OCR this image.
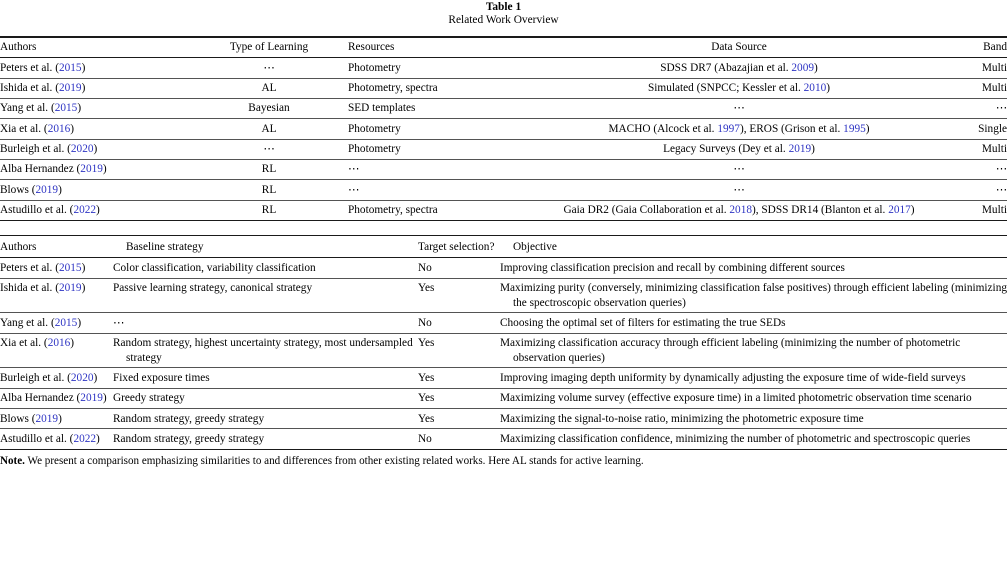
Table 1
Related Work Overview
Authors	Type of Learning	Resources	Data Source	Band
Peters et al. (2015)	⋯	Photometry	SDSS DR7 (Abazajian et al. 2009)	Multi
Ishida et al. (2019)	AL	Photometry, spectra	Simulated (SNPCC; Kessler et al. 2010)	Multi
Yang et al. (2015)	Bayesian	SED templates	⋯	⋯
Xia et al. (2016)	AL	Photometry	MACHO (Alcock et al. 1997), EROS (Grison et al. 1995)	Single
Burleigh et al. (2020)	⋯	Photometry	Legacy Surveys (Dey et al. 2019)	Multi
Alba Hernandez (2019)	RL	⋯	⋯	⋯
Blows (2019)	RL	⋯	⋯	⋯
Astudillo et al. (2022)	RL	Photometry, spectra	Gaia DR2 (Gaia Collaboration et al. 2018), SDSS DR14 (Blanton et al. 2017)	Multi
Authors	Baseline strategy	Target selection?	Objective
Peters et al. (2015)	Color classification, variability classification	No	Improving classification precision and recall by combining different sources
Ishida et al. (2019)	Passive learning strategy, canonical strategy	Yes	Maximizing purity (conversely, minimizing classification false positives) through efficient labeling (minimizing the spectroscopic observation queries)
Yang et al. (2015)	⋯	No	Choosing the optimal set of filters for estimating the true SEDs
Xia et al. (2016)	Random strategy, highest uncertainty strategy, most undersampled strategy	Yes	Maximizing classification accuracy through efficient labeling (minimizing the number of photometric observation queries)
Burleigh et al. (2020)	Fixed exposure times	Yes	Improving imaging depth uniformity by dynamically adjusting the exposure time of wide-field surveys
Alba Hernandez (2019)	Greedy strategy	Yes	Maximizing volume survey (effective exposure time) in a limited photometric observation time scenario
Blows (2019)	Random strategy, greedy strategy	Yes	Maximizing the signal-to-noise ratio, minimizing the photometric exposure time
Astudillo et al. (2022)	Random strategy, greedy strategy	No	Maximizing classification confidence, minimizing the number of photometric and spectroscopic queries
Note. We present a comparison emphasizing similarities to and differences from other existing related works. Here AL stands for active learning.
